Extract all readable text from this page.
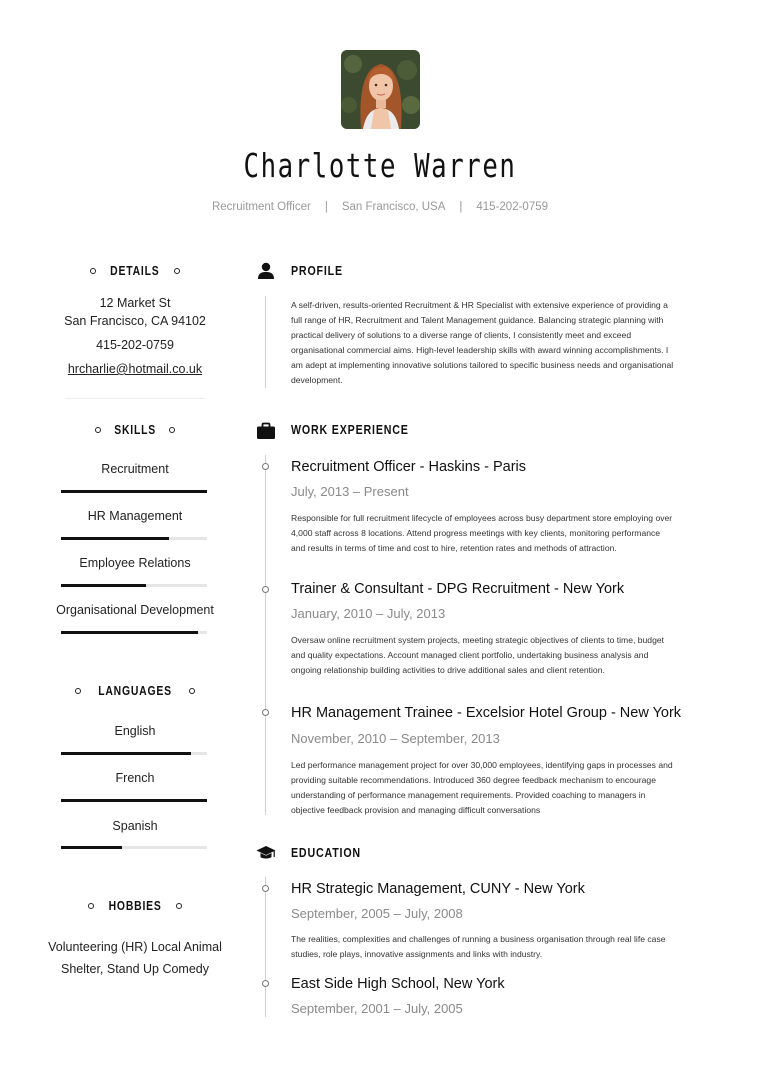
Charlotte Warren
Recruitment Officer | San Francisco, USA | 415-202-0759
DETAILS
12 Market St
San Francisco, CA 94102
415-202-0759
hrcharlie@hotmail.co.uk
SKILLS
Recruitment
HR Management
Employee Relations
Organisational Development
LANGUAGES
English
French
Spanish
HOBBIES
Volunteering (HR) Local Animal
Shelter, Stand Up Comedy
PROFILE
A self-driven, results-oriented Recruitment & HR Specialist with extensive experience of providing a
full range of HR, Recruitment and Talent Management guidance. Balancing strategic planning with
practical delivery of solutions to a diverse range of clients, I consistently meet and exceed
organisational commercial aims. High-level leadership skills with award winning accomplishments. I
am adept at implementing innovative solutions tailored to specific business needs and organisational
development.
WORK EXPERIENCE
Recruitment Officer - Haskins - Paris
July, 2013 – Present
Responsible for full recruitment lifecycle of employees across busy department store employing over
4,000 staff across 8 locations. Attend progress meetings with key clients, monitoring performance
and results in terms of time and cost to hire, retention rates and methods of attraction.
Trainer & Consultant - DPG Recruitment - New York
January, 2010 – July, 2013
Oversaw online recruitment system projects, meeting strategic objectives of clients to time, budget
and quality expectations. Account managed client portfolio, undertaking business analysis and
ongoing relationship building activities to drive additional sales and client retention.
HR Management Trainee - Excelsior Hotel Group - New York
November, 2010 – September, 2013
Led performance management project for over 30,000 employees, identifying gaps in processes and
providing suitable recommendations. Introduced 360 degree feedback mechanism to encourage
understanding of performance management requirements. Provided coaching to managers in
objective feedback provision and managing difficult conversations
EDUCATION
HR Strategic Management, CUNY - New York
September, 2005 – July, 2008
The realities, complexities and challenges of running a business organisation through real life case
studies, role plays, innovative assignments and links with industry.
East Side High School, New York
September, 2001 – July, 2005
